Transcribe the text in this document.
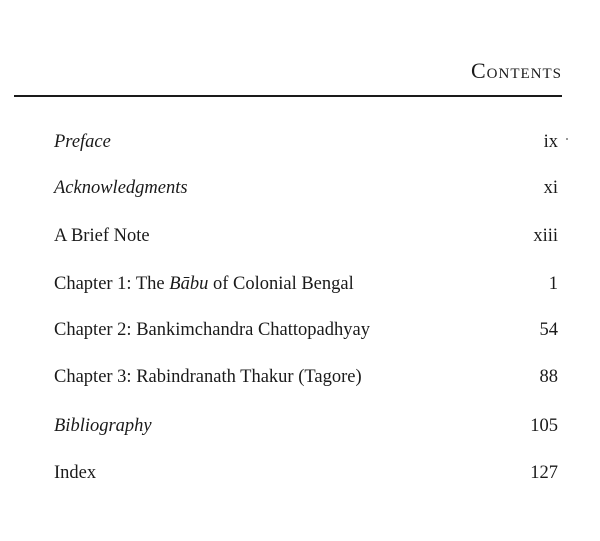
Contents
Preface	ix
Acknowledgments	xi
A Brief Note	xiii
Chapter 1: The Bābu of Colonial Bengal	1
Chapter 2: Bankimchandra Chattopadhyay	54
Chapter 3: Rabindranath Thakur (Tagore)	88
Bibliography	105
Index	127
